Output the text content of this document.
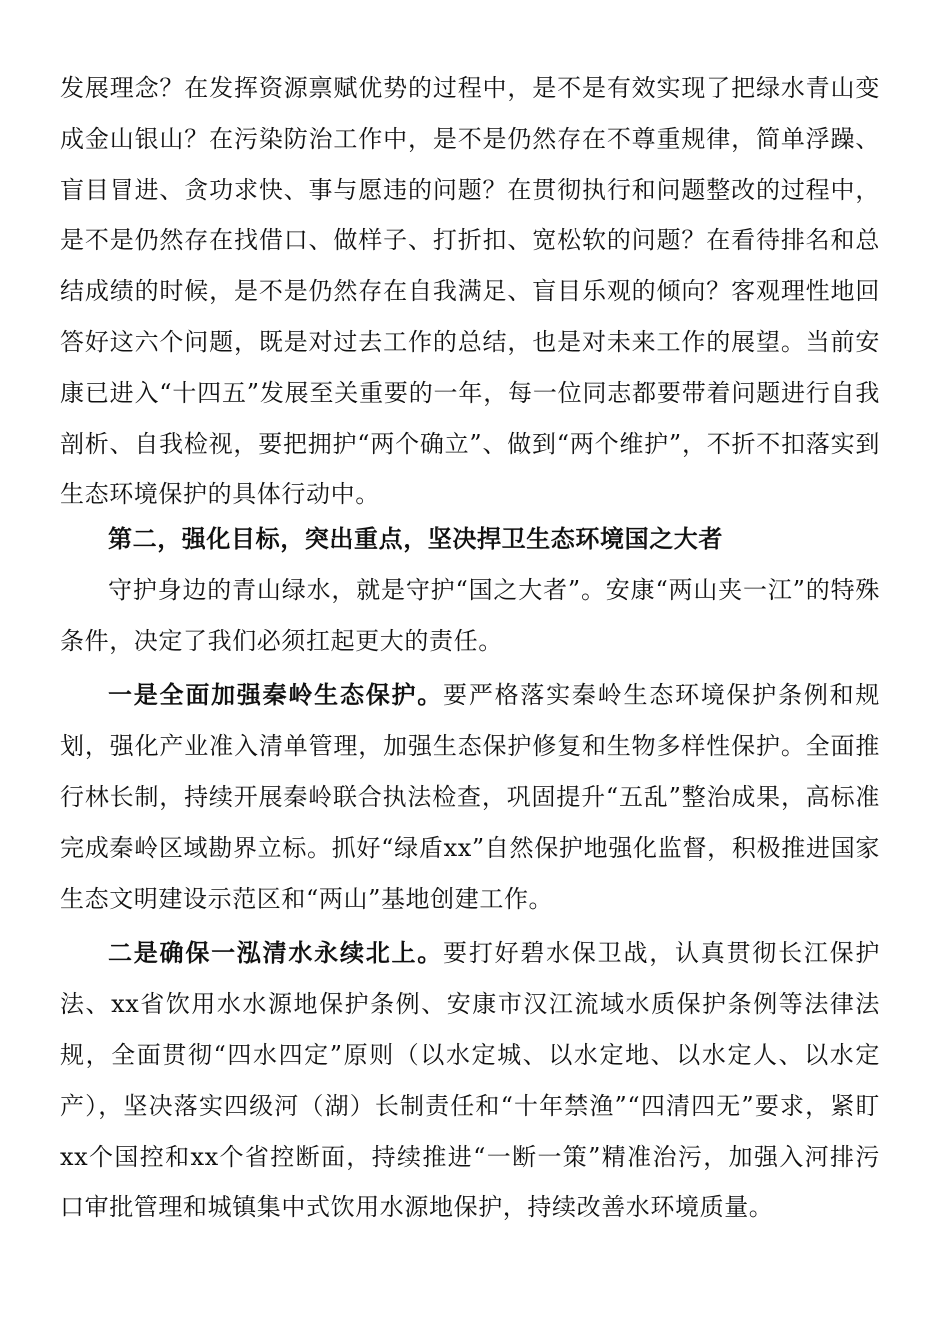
发展理念？在发挥资源禀赋优势的过程中，是不是有效实现了把绿水青山变成金山银山？在污染防治工作中，是不是仍然存在不尊重规律，简单浮躁、盲目冒进、贪功求快、事与愿违的问题？在贯彻执行和问题整改的过程中，是不是仍然存在找借口、做样子、打折扣、宽松软的问题？在看待排名和总结成绩的时候，是不是仍然存在自我满足、盲目乐观的倾向？客观理性地回答好这六个问题，既是对过去工作的总结，也是对未来工作的展望。当前安康已进入“十四五”发展至关重要的一年，每一位同志都要带着问题进行自我剖析、自我检视，要把拥护“两个确立”、做到“两个维护”，不折不扣落实到生态环境保护的具体行动中。

第二，强化目标，突出重点，坚决捍卫生态环境国之大者

守护身边的青山绿水，就是守护“国之大者”。安康“两山夹一江”的特殊条件，决定了我们必须扛起更大的责任。

一是全面加强秦岭生态保护。要严格落实秦岭生态环境保护条例和规划，强化产业准入清单管理，加强生态保护修复和生物多样性保护。全面推行林长制，持续开展秦岭联合执法检查，巩固提升“五乱”整治成果，高标准完成秦岭区域勘界立标。抓好“绿盾xx”自然保护地强化监督，积极推进国家生态文明建设示范区和“两山”基地创建工作。

二是确保一泓清水永续北上。要打好碧水保卫战，认真贯彻长江保护法、xx省饮用水水源地保护条例、安康市汉江流域水质保护条例等法律法规，全面贯彻“四水四定”原则（以水定城、以水定地、以水定人、以水定产），坚决落实四级河（湖）长制责任和“十年禁渔”“四清四无”要求，紧盯xx个国控和xx个省控断面，持续推进“一断一策”精准治污，加强入河排污口审批管理和城镇集中式饮用水源地保护，持续改善水环境质量。
